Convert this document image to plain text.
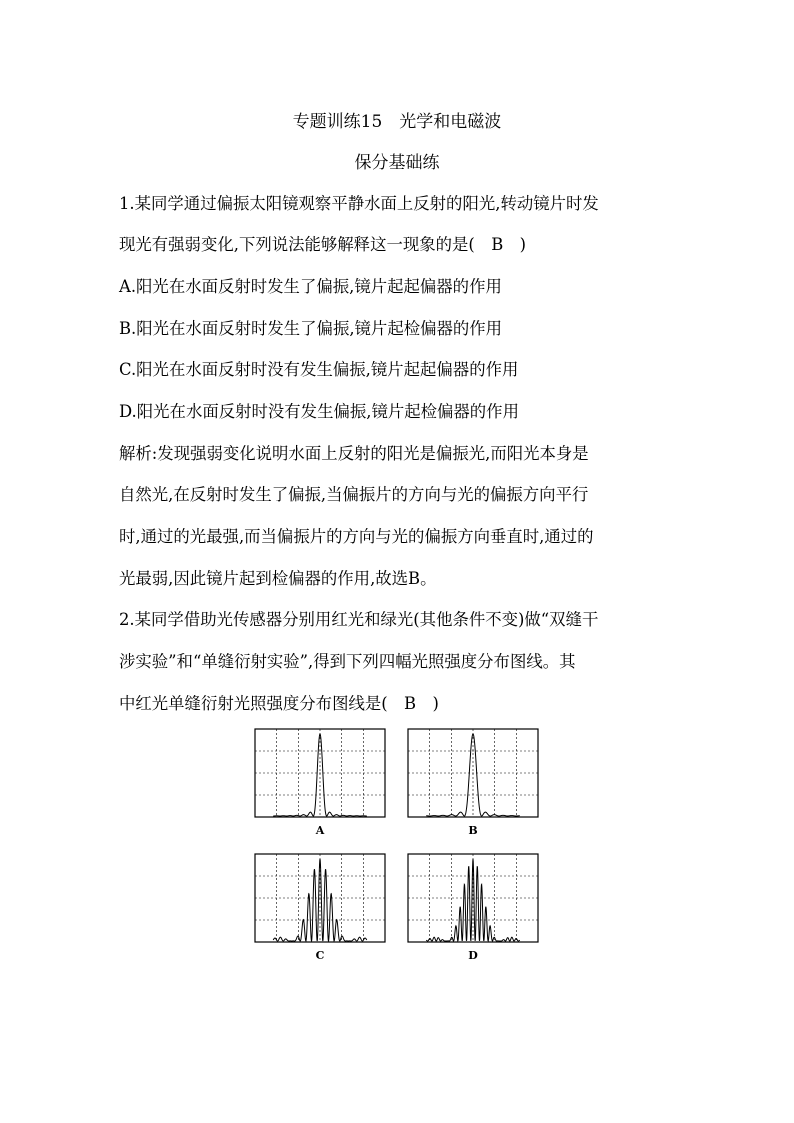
专题训练15　光学和电磁波
保分基础练
1.某同学通过偏振太阳镜观察平静水面上反射的阳光,转动镜片时发
现光有强弱变化,下列说法能够解释这一现象的是(　B　)
A.阳光在水面反射时发生了偏振,镜片起起偏器的作用
B.阳光在水面反射时发生了偏振,镜片起检偏器的作用
C.阳光在水面反射时没有发生偏振,镜片起起偏器的作用
D.阳光在水面反射时没有发生偏振,镜片起检偏器的作用
解析:发现强弱变化说明水面上反射的阳光是偏振光,而阳光本身是
自然光,在反射时发生了偏振,当偏振片的方向与光的偏振方向平行
时,通过的光最强,而当偏振片的方向与光的偏振方向垂直时,通过的
光最弱,因此镜片起到检偏器的作用,故选B。
2.某同学借助光传感器分别用红光和绿光(其他条件不变)做“双缝干
涉实验”和“单缝衍射实验”,得到下列四幅光照强度分布图线。其
中红光单缝衍射光照强度分布图线是(　B　)
A	B
C	D
